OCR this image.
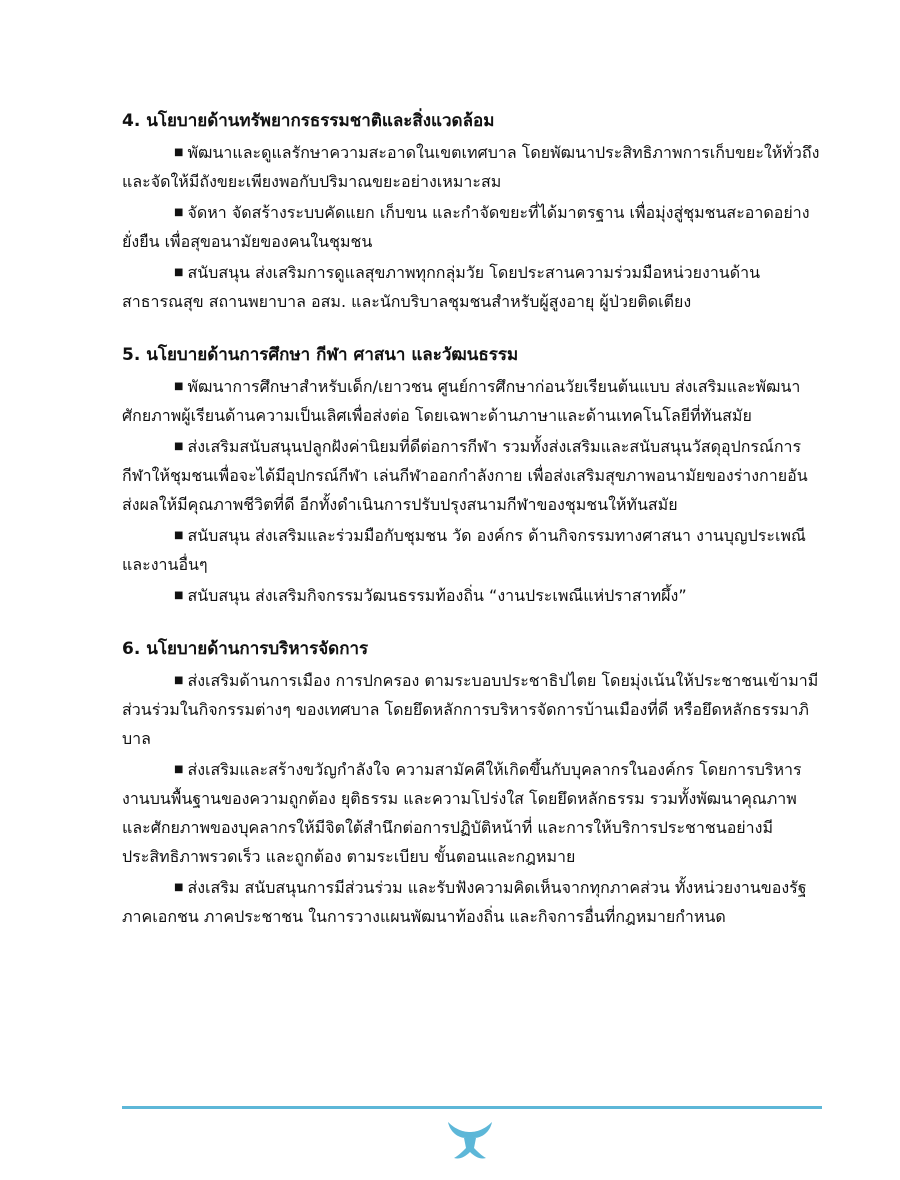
4. นโยบายด้านทรัพยากรธรรมชาติและสิ่งแวดล้อม

■ พัฒนาและดูแลรักษาความสะอาดในเขตเทศบาล โดยพัฒนาประสิทธิภาพการเก็บขยะให้ทั่วถึงและจัดให้มีถังขยะเพียงพอกับปริมาณขยะอย่างเหมาะสม

■ จัดหา จัดสร้างระบบคัดแยก เก็บขน และกำจัดขยะที่ได้มาตรฐาน เพื่อมุ่งสู่ชุมชนสะอาดอย่างยั่งยืน เพื่อสุขอนามัยของคนในชุมชน

■ สนับสนุน ส่งเสริมการดูแลสุขภาพทุกกลุ่มวัย โดยประสานความร่วมมือหน่วยงานด้านสาธารณสุข สถานพยาบาล อสม. และนักบริบาลชุมชนสำหรับผู้สูงอายุ ผู้ป่วยติดเตียง

5. นโยบายด้านการศึกษา กีฬา ศาสนา และวัฒนธรรม

■ พัฒนาการศึกษาสำหรับเด็ก/เยาวชน ศูนย์การศึกษาก่อนวัยเรียนต้นแบบ ส่งเสริมและพัฒนาศักยภาพผู้เรียนด้านความเป็นเลิศเพื่อส่งต่อ โดยเฉพาะด้านภาษาและด้านเทคโนโลยีที่ทันสมัย

■ ส่งเสริมสนับสนุนปลูกฝังค่านิยมที่ดีต่อการกีฬา รวมทั้งส่งเสริมและสนับสนุนวัสดุอุปกรณ์การกีฬาให้ชุมชนเพื่อจะได้มีอุปกรณ์กีฬา เล่นกีฬาออกกำลังกาย เพื่อส่งเสริมสุขภาพอนามัยของร่างกายอันส่งผลให้มีคุณภาพชีวิตที่ดี อีกทั้งดำเนินการปรับปรุงสนามกีฬาของชุมชนให้ทันสมัย

■ สนับสนุน ส่งเสริมและร่วมมือกับชุมชน วัด องค์กร ด้านกิจกรรมทางศาสนา งานบุญประเพณี และงานอื่นๆ

■ สนับสนุน ส่งเสริมกิจกรรมวัฒนธรรมท้องถิ่น “งานประเพณีแห่ปราสาทผึ้ง”

6. นโยบายด้านการบริหารจัดการ

■ ส่งเสริมด้านการเมือง การปกครอง ตามระบอบประชาธิปไตย โดยมุ่งเน้นให้ประชาชนเข้ามามีส่วนร่วมในกิจกรรมต่างๆ ของเทศบาล โดยยึดหลักการบริหารจัดการบ้านเมืองที่ดี หรือยึดหลักธรรมาภิบาล

■ ส่งเสริมและสร้างขวัญกำลังใจ ความสามัคคีให้เกิดขึ้นกับบุคลากรในองค์กร โดยการบริหารงานบนพื้นฐานของความถูกต้อง ยุติธรรม และความโปร่งใส โดยยึดหลักธรรม รวมทั้งพัฒนาคุณภาพและศักยภาพของบุคลากรให้มีจิตใต้สำนึกต่อการปฏิบัติหน้าที่ และการให้บริการประชาชนอย่างมีประสิทธิภาพรวดเร็ว และถูกต้อง ตามระเบียบ ขั้นตอนและกฎหมาย

■ ส่งเสริม สนับสนุนการมีส่วนร่วม และรับฟังความคิดเห็นจากทุกภาคส่วน ทั้งหน่วยงานของรัฐ ภาคเอกชน ภาคประชาชน ในการวางแผนพัฒนาท้องถิ่น และกิจการอื่นที่กฎหมายกำหนด
